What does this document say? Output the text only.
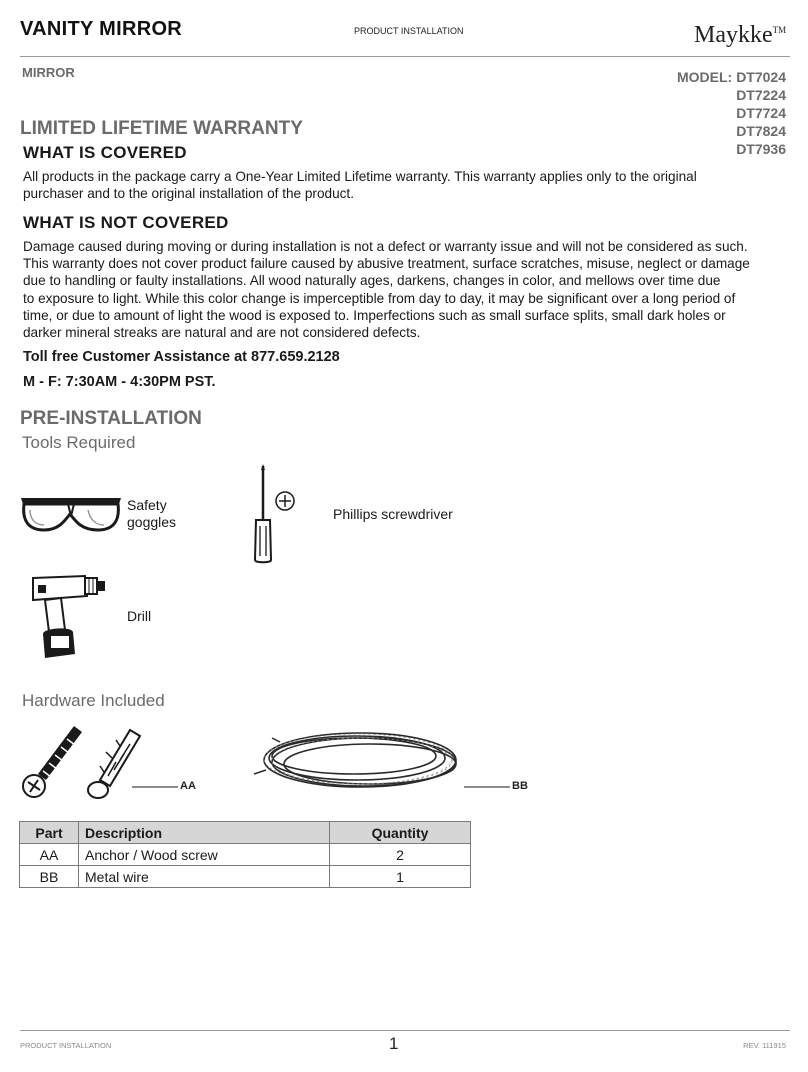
VANITY MIRROR	PRODUCT INSTALLATION	Maykke™
MIRROR	MODEL: DT7024
DT7224
DT7724
DT7824
DT7936
LIMITED LIFETIME WARRANTY
WHAT IS COVERED
All products in the package carry a One-Year Limited Lifetime warranty. This warranty applies only to the original
purchaser and to the original installation of the product.
WHAT IS NOT COVERED
Damage caused during moving or during installation is not a defect or warranty issue and will not be considered as such.
This warranty does not cover product failure caused by abusive treatment, surface scratches, misuse, neglect or damage
due to handling or faulty installations. All wood naturally ages, darkens, changes in color, and mellows over time due
to exposure to light. While this color change is imperceptible from day to day, it may be significant over a long period of
time, or due to amount of light the wood is exposed to. Imperfections such as small surface splits, small dark holes or
darker mineral streaks are natural and are not considered defects.
Toll free Customer Assistance at 877.659.2128
M - F: 7:30AM - 4:30PM PST.
PRE-INSTALLATION
Tools Required
Safety
goggles	Phillips screwdriver
Drill
Hardware Included
AA	BB
Part	Description	Quantity
AA	Anchor / Wood screw	2
BB	Metal wire	1
PRODUCT INSTALLATION	1	REV. 111915
